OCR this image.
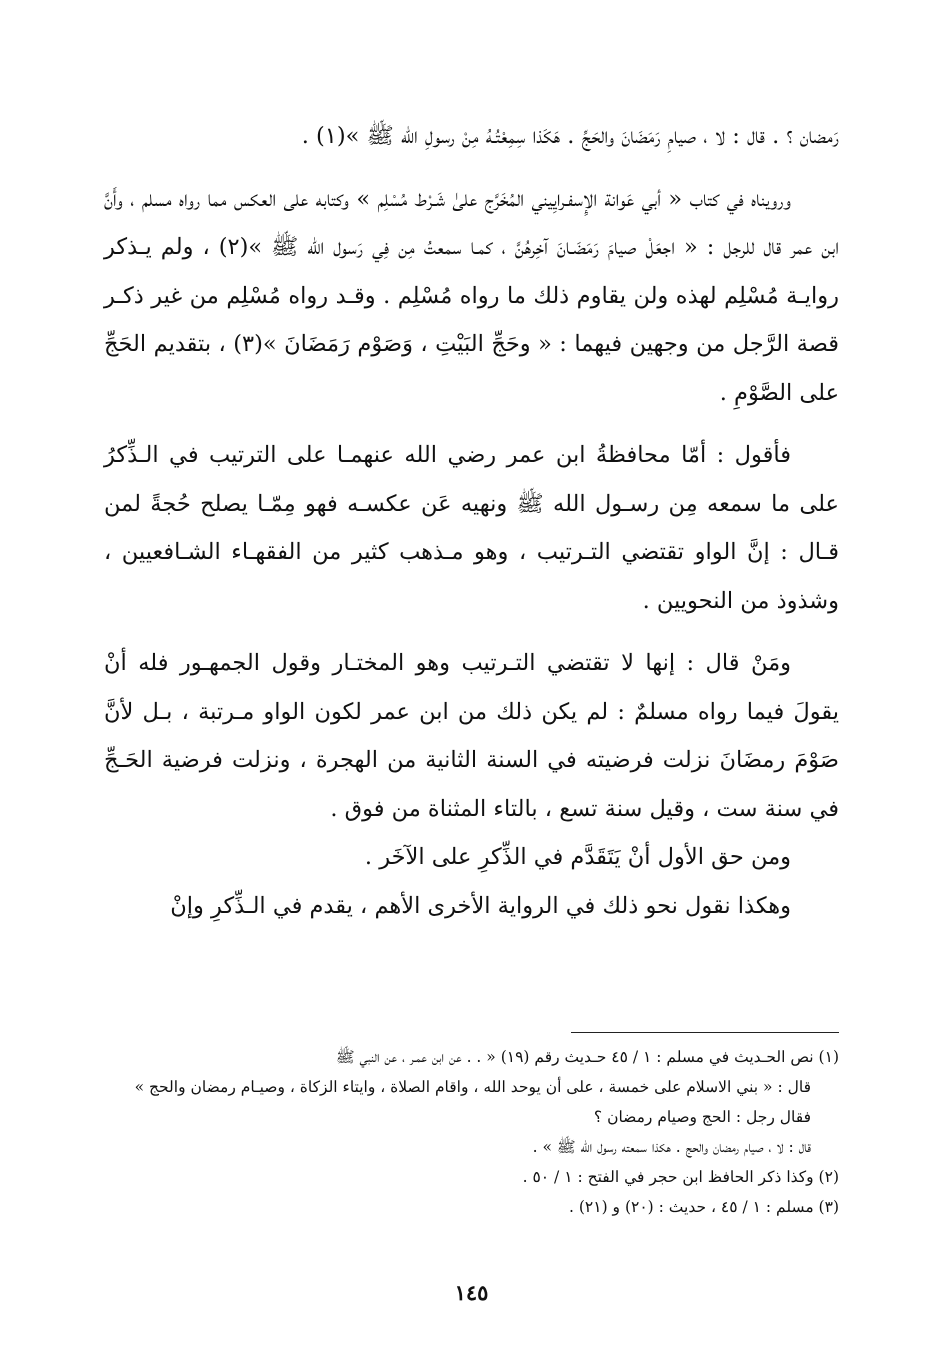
رَمضان ؟ . قال : لا ، صيامِ رَمَضَانَ والحَجِّ . هَكَذا سِمِعْتُـهُ مِنْ رسولِ الله ﷺ »(١) .

ورويناه في كتاب « أبي عَوانة الإِسفـرايِيني المُخَرَّج علىٰ شَـرْط مُسْلِم » وكتابه على العكس مما رواه مسلم ، وأَنَّ ابن عمر قال للرجل : « اجعَلْ صيامَ رَمَضَـانَ آخِرهُنَّ ، كمـا سمعتُ مِن فِي رَسول الله ﷺ »(٢) ، ولم يـذكر روايـة مُسْلِم لهذه ولن يقاوم ذلك ما رواه مُسْلِم . وقـد رواه مُسْلِم من غير ذكـر قصة الرَّجل من وجهين فيهما : « وحَجِّ البَيْتِ ، وَصَوْم رَمَضَانَ »(٣) ، بتقديم الحَجِّ على الصَّوْمِ .

فأقول : أمّا محافظةُ ابن عمر رضي الله عنهمـا على الترتيب في الـذِّكرُ على ما سمعه مِن رسـول الله ﷺ ونهيه عَن عكسـه فهو مِمّـا يصلح حُجةً لمن قـال : إنَّ الواو تقتضي التـرتيب ، وهو مـذهب كثير من الفقهـاء الشـافعيين ، وشذوذ من النحويين .

ومَنْ قال : إنها لا تقتضي التـرتيب وهو المختـار وقول الجمهـور فله أنْ يقولَ فيما رواه مسلمٌ : لم يكن ذلك من ابن عمر لكون الواو مـرتبة ، بـل لأنَّ صَوْمَ رمضَانَ نزلت فرضيته في السنة الثانية من الهجرة ، ونزلت فرضية الحَـجِّ في سنة ست ، وقيل سنة تسع ، بالتاء المثناة من فوق .

ومن حق الأول أنْ يَتَقَدَّم في الذِّكرِ على الآخَر .

وهكذا نقول نحو ذلك في الرواية الأخرى الأهم ، يقدم في الـذِّكرِ وإنْ

(١) نص الحـديث في مسلم : ١ / ٤٥ حـديث رقم (١٩) « . . عن ابن عمـر ، عن النبي ﷺ

قال : « بني الاسلام على خمسة ، على أن يوحد الله ، واقام الصلاة ، وايتاء الزكاة ، وصيـام رمضان والحج » فقال رجل : الحج وصيام رمضان ؟

قال : لا ، صيام رمضان والحج . هكذا سمعته رسول الله ﷺ » .

(٢) وكذا ذكر الحافظ ابن حجر في الفتح : ١ / ٥٠ .

(٣) مسلم : ١ / ٤٥ ، حديث : (٢٠) و (٢١) .

١٤٥
